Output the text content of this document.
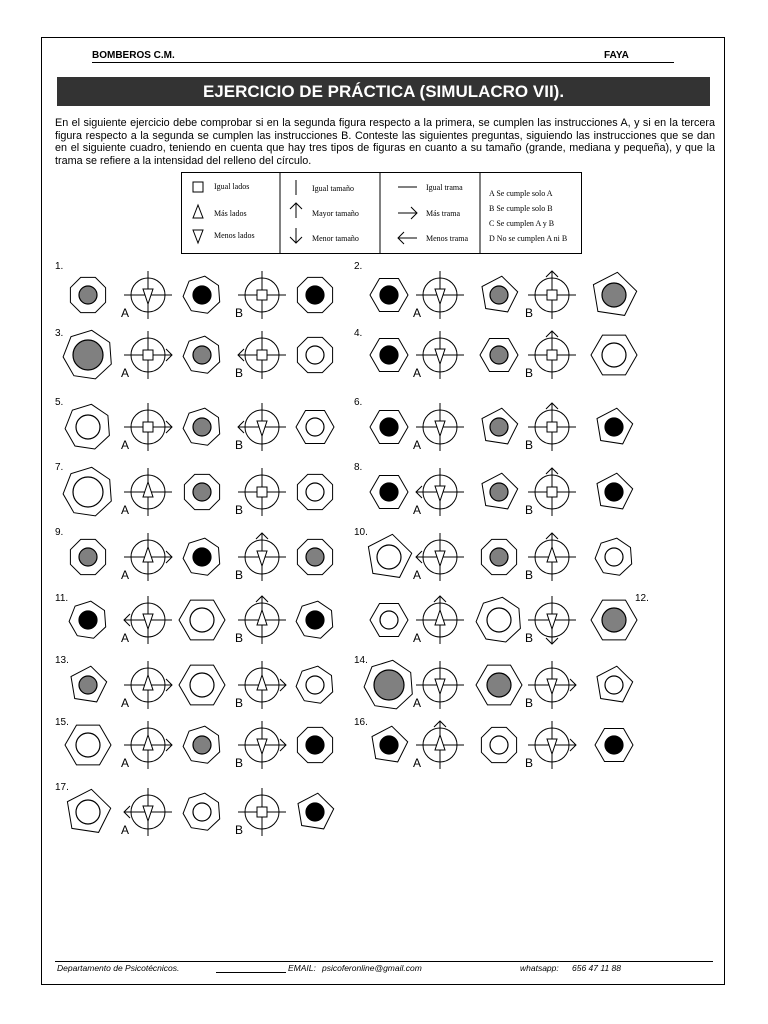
BOMBEROS C.M.	FAYA
EJERCICIO DE PRÁCTICA (SIMULACRO VII).
En el siguiente ejercicio debe comprobar si en la segunda figura respecto a la primera, se cumplen las instrucciones A, y si en la tercera figura respecto a la segunda se cumplen las instrucciones B. Conteste las siguientes preguntas, siguiendo las instrucciones que se dan en el siguiente cuadro, teniendo en cuenta que hay tres tipos de figuras en cuanto a su tamaño (grande, mediana y pequeña), y que la trama se refiere a la intensidad del relleno del círculo.
Igual lados
Más lados
Menos lados
Igual tamaño
Mayor tamaño
Menor tamaño
Igual trama
Más trama
Menos trama
A Se cumple solo A
B Se cumple solo B
C Se cumplen A y B
D No se cumplen A ni B
1.
A	B
2.
A	B
3.
A	B
4.
A	B
5.
A	B
6.
A	B
7.
A	B
8.
A	B
9.
A	B
10.
A	B
11.
A	B
12.
A	B
13.
A	B
14.
A	B
15.
A	B
16.
A	B
17.
A	B
Departamento de Psicotécnicos.	EMAIL: psicoferonline@gmail.com	whatsapp: 656 47 11 88
